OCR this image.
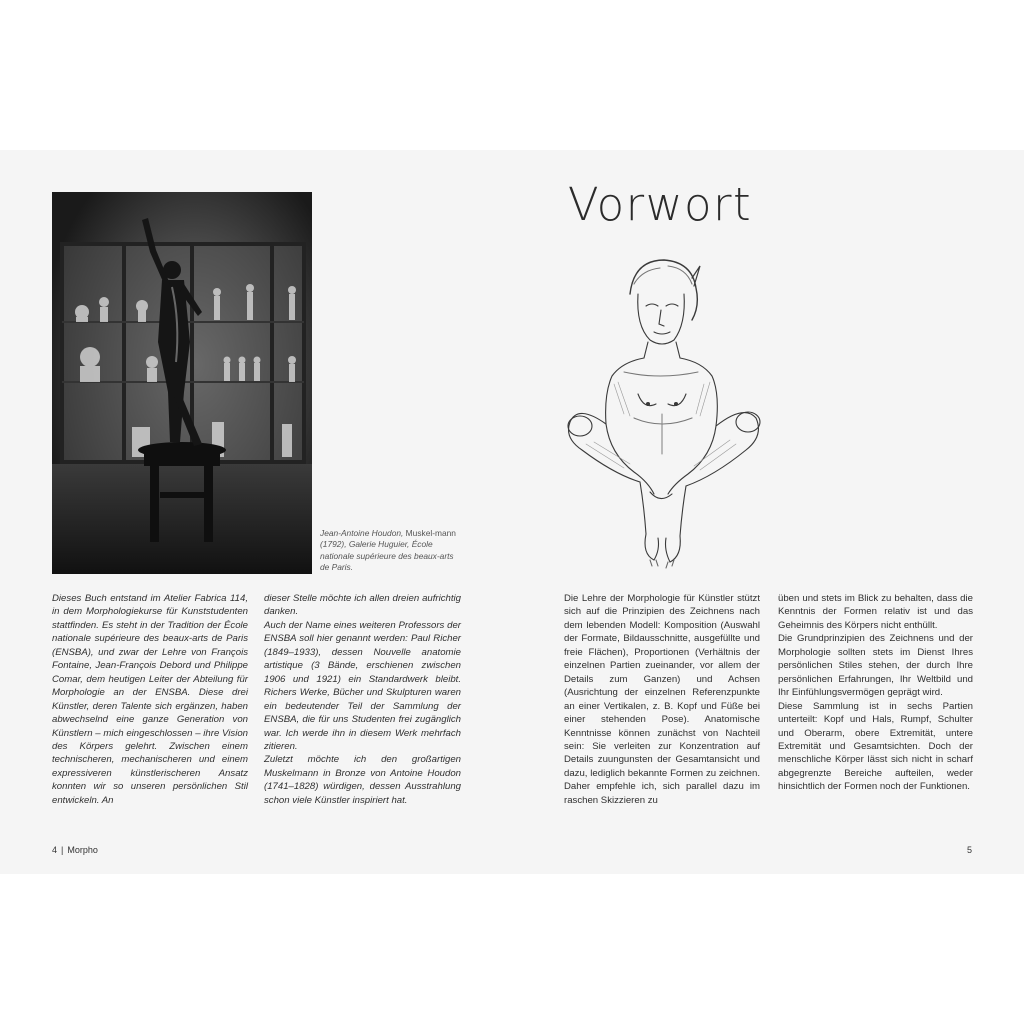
Jean-Antoine Houdon, Muskel-mann (1792), Galerie Huguier, École nationale supérieure des beaux-arts de Paris.

Dieses Buch entstand im Atelier Fabrica 114, in dem Morphologiekurse für Kunststudenten stattfinden. Es steht in der Tradition der École nationale supérieure des beaux-arts de Paris (ENSBA), und zwar der Lehre von François Fontaine, Jean-François Debord und Philippe Comar, dem heutigen Leiter der Abteilung für Morphologie an der ENSBA. Diese drei Künstler, deren Talente sich ergänzen, haben abwechselnd eine ganze Generation von Künstlern – mich eingeschlossen – ihre Vision des Körpers gelehrt. Zwischen einem technischeren, mechanischeren und einem expressiveren künstlerischeren Ansatz konnten wir so unseren persönlichen Stil entwickeln. An

dieser Stelle möchte ich allen dreien aufrichtig danken.

Auch der Name eines weiteren Professors der ENSBA soll hier genannt werden: Paul Richer (1849–1933), dessen Nouvelle anatomie artistique (3 Bände, erschienen zwischen 1906 und 1921) ein Standardwerk bleibt. Richers Werke, Bücher und Skulpturen waren ein bedeutender Teil der Sammlung der ENSBA, die für uns Studenten frei zugänglich war. Ich werde ihn in diesem Werk mehrfach zitieren.

Zuletzt möchte ich den großartigen Muskelmann in Bronze von Antoine Houdon (1741–1828) würdigen, dessen Ausstrahlung schon viele Künstler inspiriert hat.

4 | Morpho
Vorwort

Die Lehre der Morphologie für Künstler stützt sich auf die Prinzipien des Zeichnens nach dem lebenden Modell: Komposition (Auswahl der Formate, Bildausschnitte, ausgefüllte und freie Flächen), Proportionen (Verhältnis der einzelnen Partien zueinander, vor allem der Details zum Ganzen) und Achsen (Ausrichtung der einzelnen Referenzpunkte an einer Vertikalen, z. B. Kopf und Füße bei einer stehenden Pose). Anatomische Kenntnisse können zunächst von Nachteil sein: Sie verleiten zur Konzentration auf Details zuungunsten der Gesamtansicht und dazu, lediglich bekannte Formen zu zeichnen. Daher empfehle ich, sich parallel dazu im raschen Skizzieren zu

üben und stets im Blick zu behalten, dass die Kenntnis der Formen relativ ist und das Geheimnis des Körpers nicht enthüllt.

Die Grundprinzipien des Zeichnens und der Morphologie sollten stets im Dienst Ihres persönlichen Stiles stehen, der durch Ihre persönlichen Erfahrungen, Ihr Weltbild und Ihr Einfühlungsvermögen geprägt wird.

Diese Sammlung ist in sechs Partien unterteilt: Kopf und Hals, Rumpf, Schulter und Oberarm, obere Extremität, untere Extremität und Gesamtsichten. Doch der menschliche Körper lässt sich nicht in scharf abgegrenzte Bereiche aufteilen, weder hinsichtlich der Formen noch der Funktionen.

5
